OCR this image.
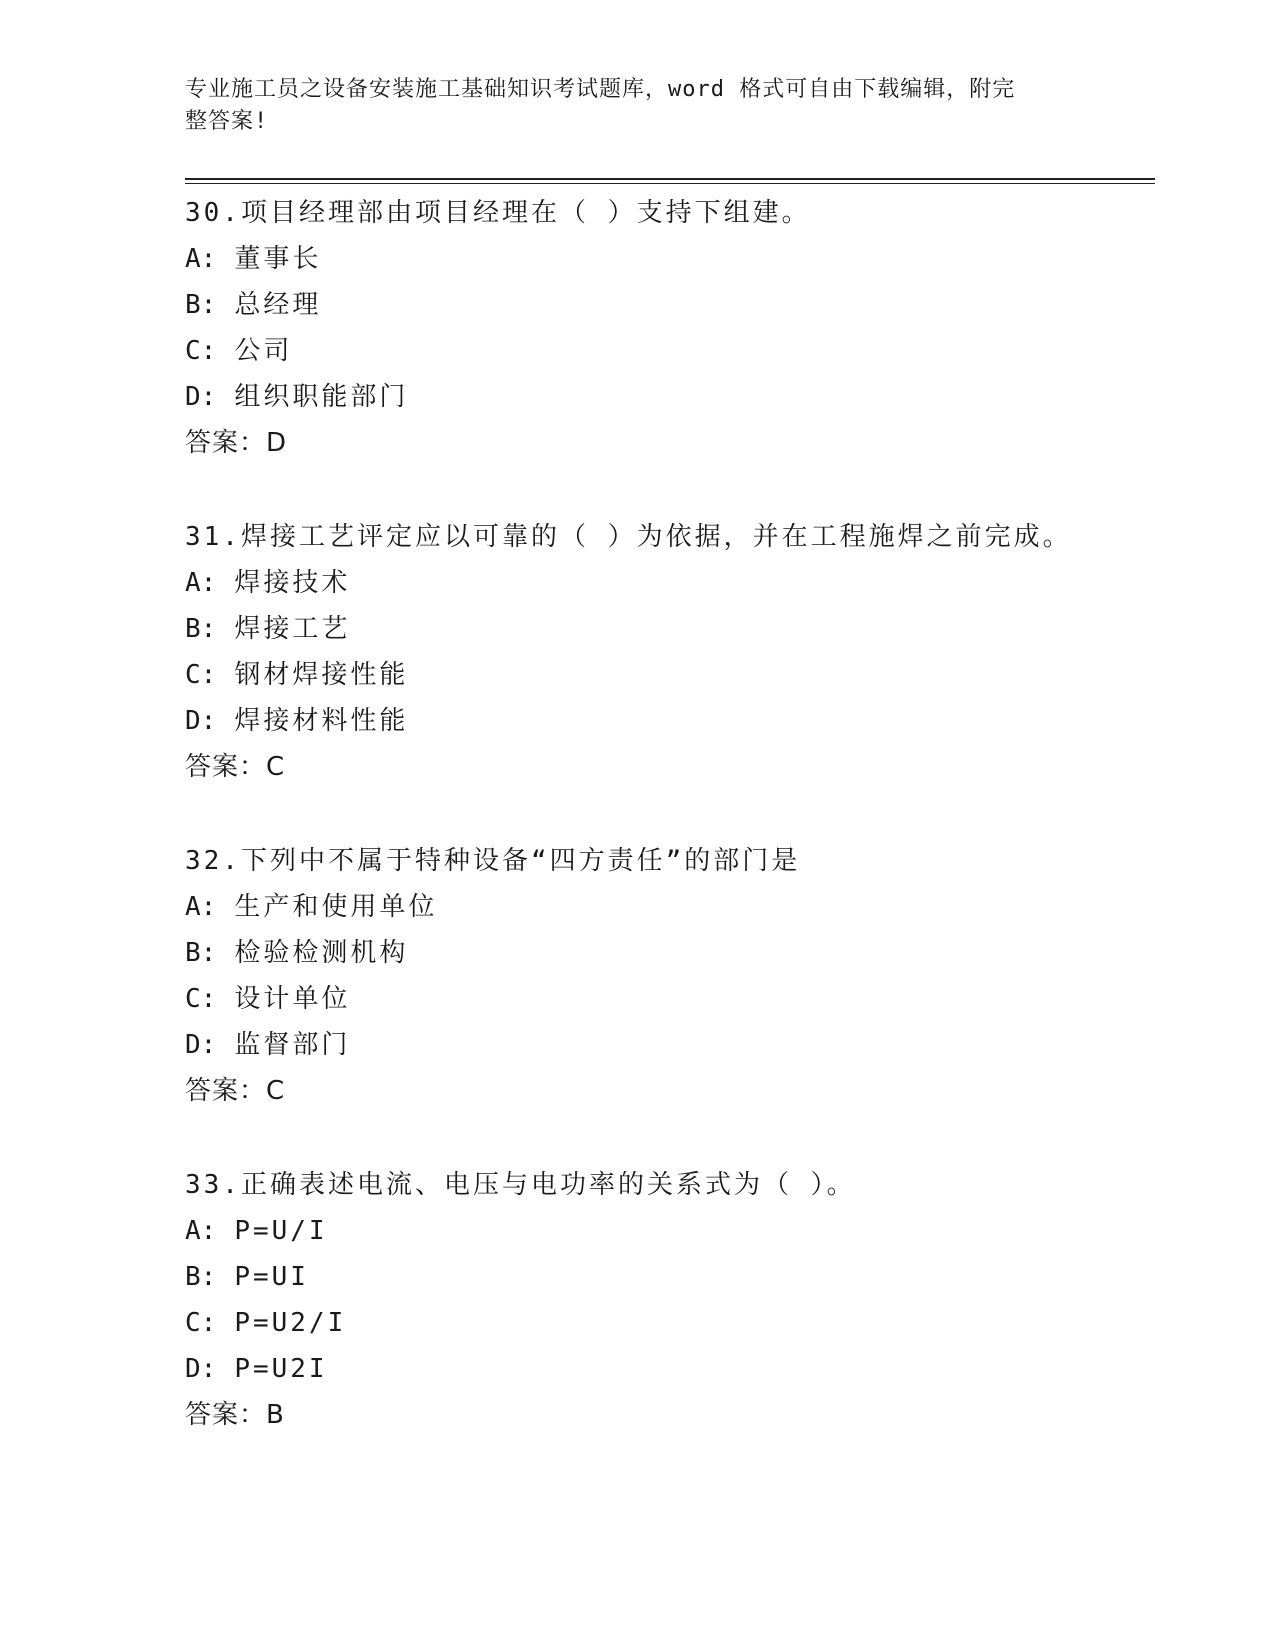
专业施工员之设备安装施工基础知识考试题库，word 格式可自由下载编辑，附完
整答案!
30.项目经理部由项目经理在（ ）支持下组建。
A: 董事长
B: 总经理
C: 公司
D: 组织职能部门
答案：D
31.焊接工艺评定应以可靠的（ ）为依据，并在工程施焊之前完成。
A: 焊接技术
B: 焊接工艺
C: 钢材焊接性能
D: 焊接材料性能
答案：C
32.下列中不属于特种设备“四方责任”的部门是
A: 生产和使用单位
B: 检验检测机构
C: 设计单位
D: 监督部门
答案：C
33.正确表述电流、电压与电功率的关系式为（ ）。
A: P=U/I
B: P=UI
C: P=U2/I
D: P=U2I
答案：B
